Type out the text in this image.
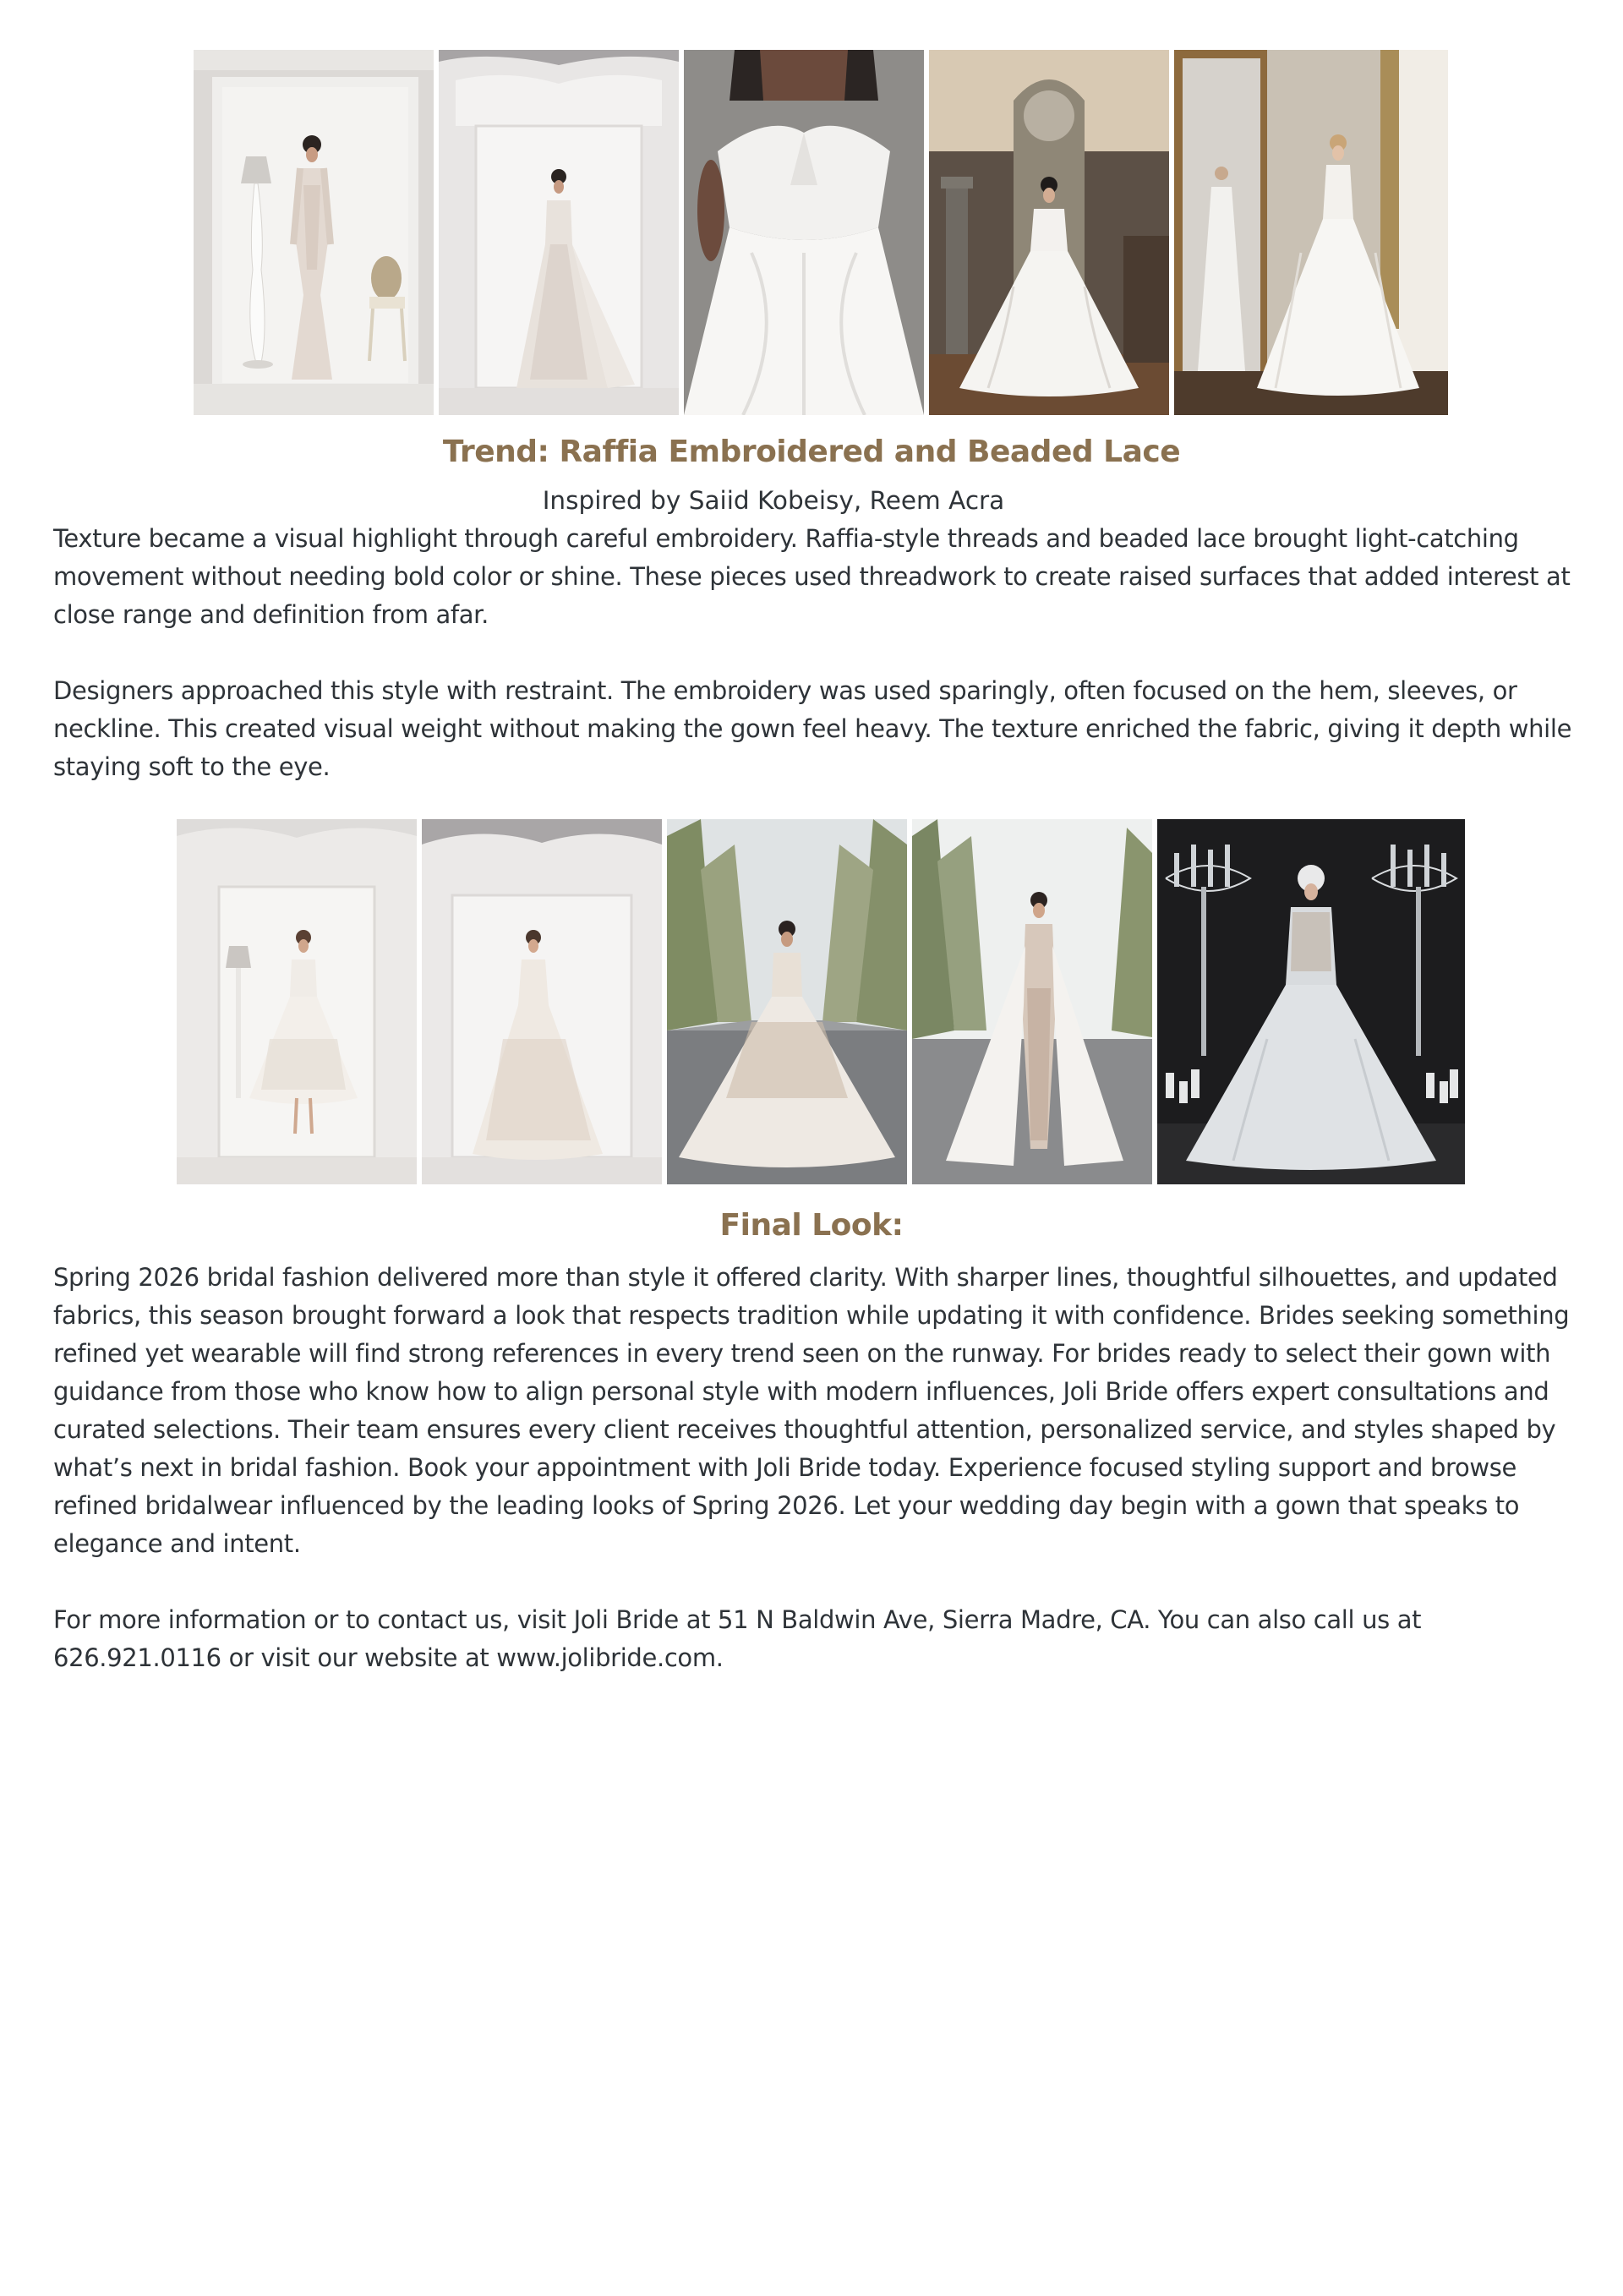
Trend: Raffia Embroidered and Beaded Lace

Inspired by Saiid Kobeisy, Reem Acra

Texture became a visual highlight through careful embroidery. Raffia-style threads and beaded lace brought light-catching movement without needing bold color or shine. These pieces used threadwork to create raised surfaces that added interest at close range and definition from afar.

Designers approached this style with restraint. The embroidery was used sparingly, often focused on the hem, sleeves, or neckline. This created visual weight without making the gown feel heavy. The texture enriched the fabric, giving it depth while staying soft to the eye.

Final Look:

Spring 2026 bridal fashion delivered more than style it offered clarity. With sharper lines, thoughtful silhouettes, and updated fabrics, this season brought forward a look that respects tradition while updating it with confidence. Brides seeking something refined yet wearable will find strong references in every trend seen on the runway. For brides ready to select their gown with guidance from those who know how to align personal style with modern influences, Joli Bride offers expert consultations and curated selections. Their team ensures every client receives thoughtful attention, personalized service, and styles shaped by what’s next in bridal fashion. Book your appointment with Joli Bride today. Experience focused styling support and browse refined bridalwear influenced by the leading looks of Spring 2026. Let your wedding day begin with a gown that speaks to elegance and intent.

For more information or to contact us, visit Joli Bride at 51 N Baldwin Ave, Sierra Madre, CA. You can also call us at 626.921.0116 or visit our website at www.jolibride.com.
